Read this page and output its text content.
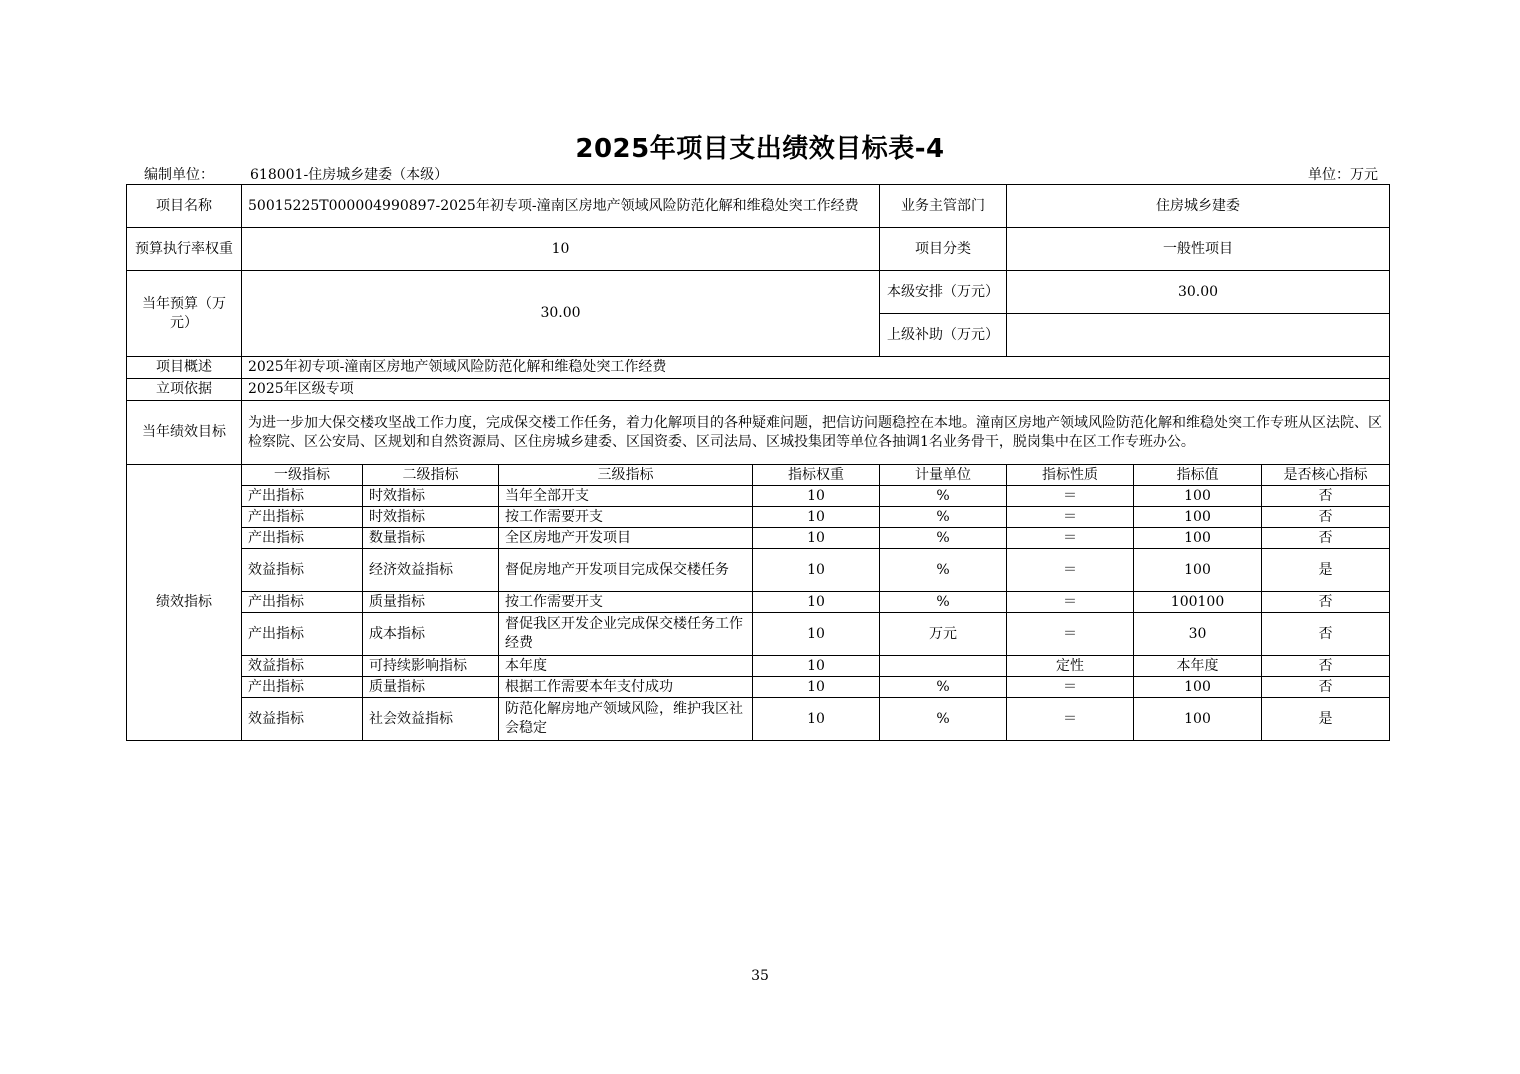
2025年项目支出绩效目标表-4
编制单位：	618001-住房城乡建委（本级）	单位：万元
项目名称	50015225T000004990897-2025年初专项-潼南区房地产领域风险防范化解和维稳处突工作经费				业务主管部门	住房城乡建委		
预算执行率权重	10				项目分类	一般性项目		
当年预算（万元）	30.00				本级安排（万元）	30.00		
					上级补助（万元）			
项目概述	2025年初专项-潼南区房地产领域风险防范化解和维稳处突工作经费							
立项依据	2025年区级专项							
当年绩效目标	为进一步加大保交楼攻坚战工作力度，完成保交楼工作任务，着力化解项目的各种疑难问题，把信访问题稳控在本地。潼南区房地产领域风险防范化解和维稳处突工作专班从区法院、区检察院、区公安局、区规划和自然资源局、区住房城乡建委、区国资委、区司法局、区城投集团等单位各抽调1名业务骨干，脱岗集中在区工作专班办公。							
绩效指标	一级指标	二级指标	三级指标	指标权重	计量单位	指标性质	指标值	是否核心指标
	产出指标	时效指标	当年全部开支	10	%	＝	100	否
	产出指标	时效指标	按工作需要开支	10	%	＝	100	否
	产出指标	数量指标	全区房地产开发项目	10	%	＝	100	否
	效益指标	经济效益指标	督促房地产开发项目完成保交楼任务	10	%	＝	100	是
	产出指标	质量指标	按工作需要开支	10	%	＝	100100	否
	产出指标	成本指标	督促我区开发企业完成保交楼任务工作经费	10	万元	＝	30	否
	效益指标	可持续影响指标	本年度	10		定性	本年度	否
	产出指标	质量指标	根据工作需要本年支付成功	10	%	＝	100	否
	效益指标	社会效益指标	防范化解房地产领域风险，维护我区社会稳定	10	%	＝	100	是
35
